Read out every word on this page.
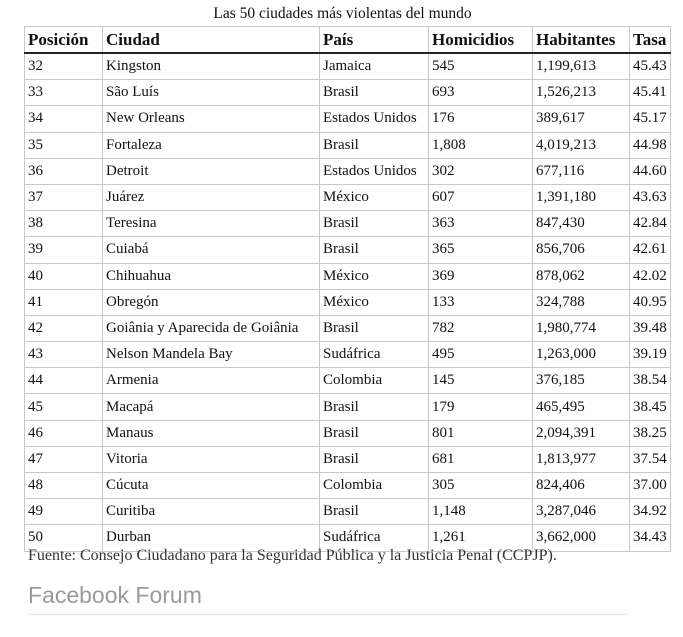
Las 50 ciudades más violentas del mundo
Posición	Ciudad	País	Homicidios	Habitantes	Tasa
32	Kingston	Jamaica	545	1,199,613	45.43
33	São Luís	Brasil	693	1,526,213	45.41
34	New Orleans	Estados Unidos	176	389,617	45.17
35	Fortaleza	Brasil	1,808	4,019,213	44.98
36	Detroit	Estados Unidos	302	677,116	44.60
37	Juárez	México	607	1,391,180	43.63
38	Teresina	Brasil	363	847,430	42.84
39	Cuiabá	Brasil	365	856,706	42.61
40	Chihuahua	México	369	878,062	42.02
41	Obregón	México	133	324,788	40.95
42	Goiânia y Aparecida de Goiânia	Brasil	782	1,980,774	39.48
43	Nelson Mandela Bay	Sudáfrica	495	1,263,000	39.19
44	Armenia	Colombia	145	376,185	38.54
45	Macapá	Brasil	179	465,495	38.45
46	Manaus	Brasil	801	2,094,391	38.25
47	Vitoria	Brasil	681	1,813,977	37.54
48	Cúcuta	Colombia	305	824,406	37.00
49	Curitiba	Brasil	1,148	3,287,046	34.92
50	Durban	Sudáfrica	1,261	3,662,000	34.43
Fuente: Consejo Ciudadano para la Seguridad Pública y la Justicia Penal (CCPJP).
Facebook Forum
